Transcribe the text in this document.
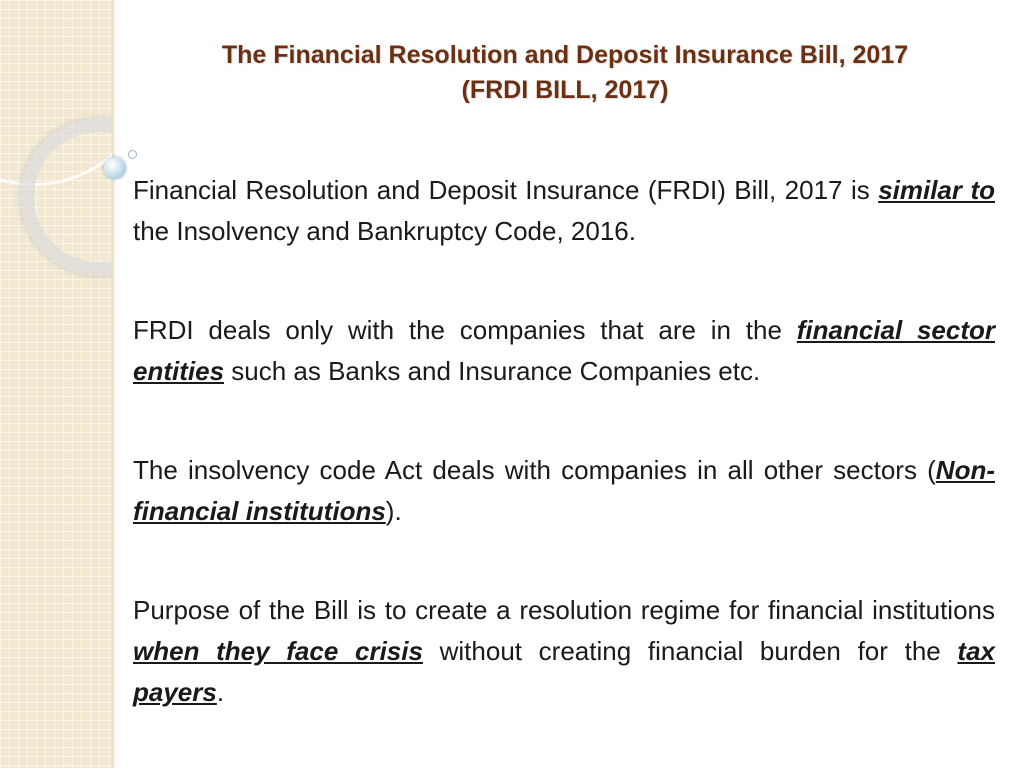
The Financial Resolution and Deposit Insurance Bill, 2017
(FRDI BILL, 2017)

Financial Resolution and Deposit Insurance (FRDI) Bill, 2017 is similar to the Insolvency and Bankruptcy Code, 2016.

FRDI deals only with the companies that are in the financial sector entities such as Banks and Insurance Companies etc.

The insolvency code Act deals with companies in all other sectors (Non-financial institutions).

Purpose of the Bill is to create a resolution regime for financial institutions when they face crisis without creating financial burden for the tax payers.
